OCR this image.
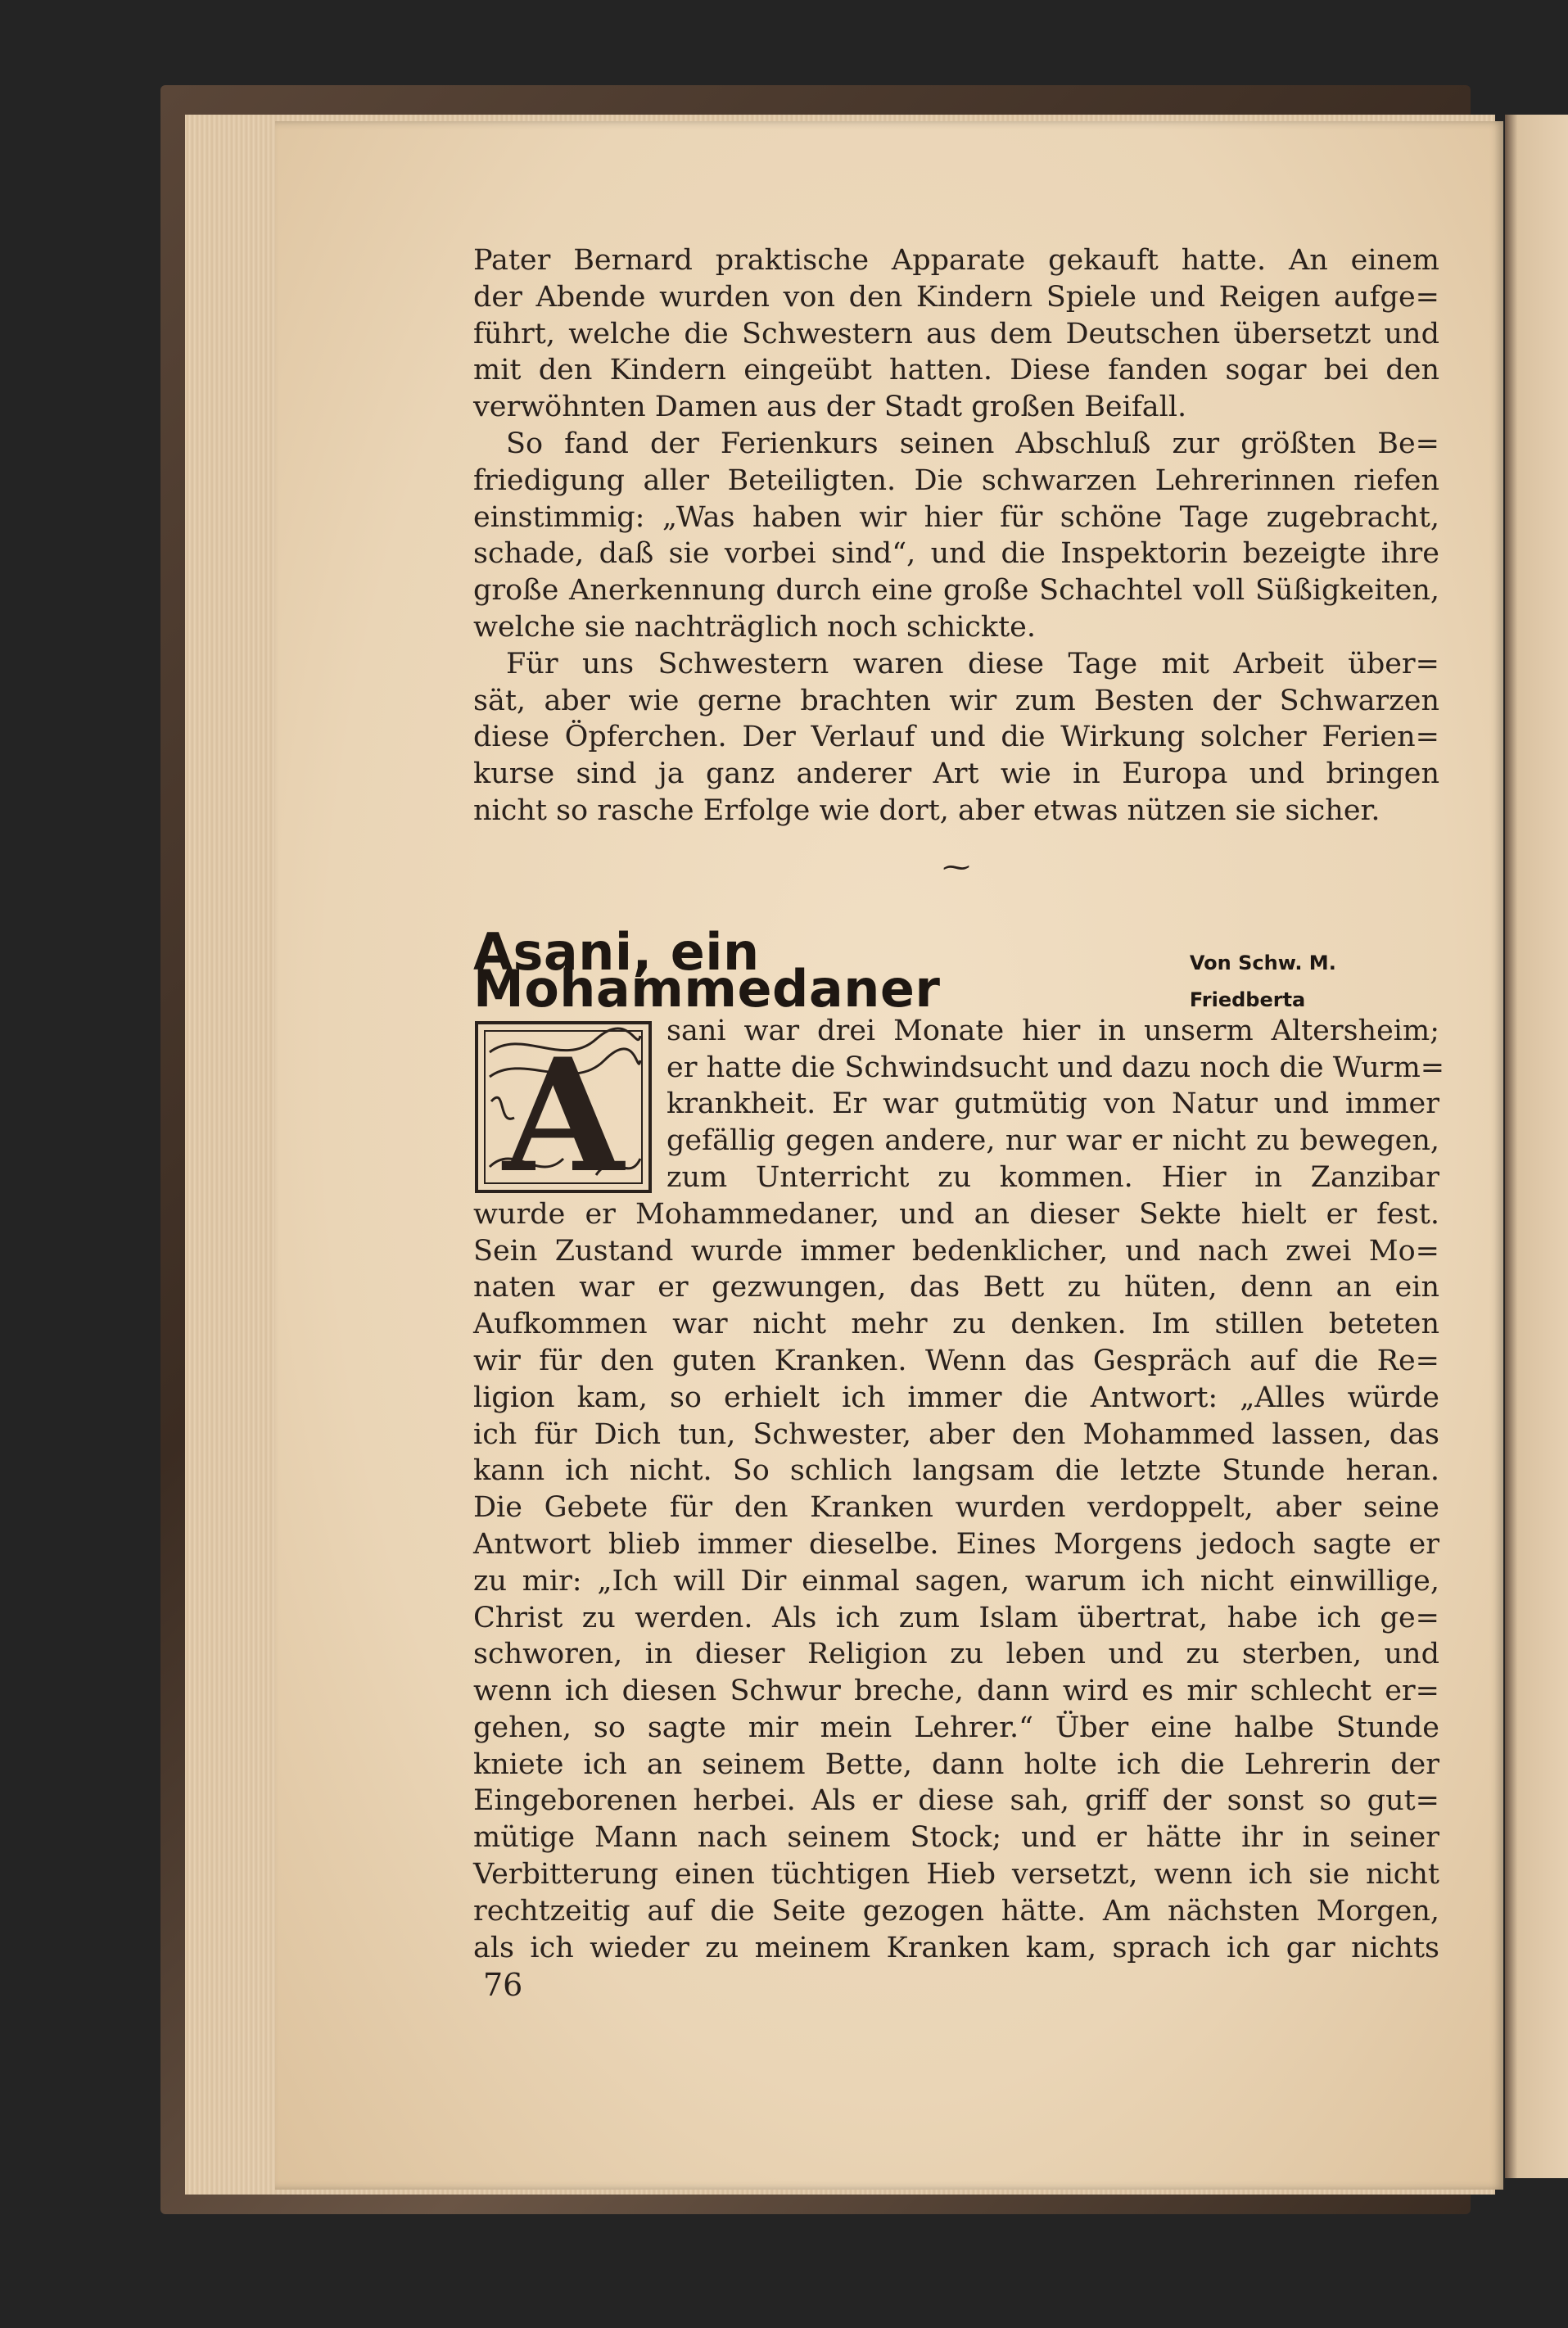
Pater Bernard praktische Apparate gekauft hatte. An einem
der Abende wurden von den Kindern Spiele und Reigen aufge=
führt, welche die Schwestern aus dem Deutschen übersetzt und
mit den Kindern eingeübt hatten. Diese fanden sogar bei den
verwöhnten Damen aus der Stadt großen Beifall.
So fand der Ferienkurs seinen Abschluß zur größten Be=
friedigung aller Beteiligten. Die schwarzen Lehrerinnen riefen
einstimmig: „Was haben wir hier für schöne Tage zugebracht,
schade, daß sie vorbei sind“, und die Inspektorin bezeigte ihre
große Anerkennung durch eine große Schachtel voll Süßigkeiten,
welche sie nachträglich noch schickte.
Für uns Schwestern waren diese Tage mit Arbeit über=
sät, aber wie gerne brachten wir zum Besten der Schwarzen
diese Öpferchen. Der Verlauf und die Wirkung solcher Ferien=
kurse sind ja ganz anderer Art wie in Europa und bringen
nicht so rasche Erfolge wie dort, aber etwas nützen sie sicher.
⁓
Asani, ein Mohammedaner	Von Schw. M. Friedberta
A	sani war drei Monate hier in unserm Altersheim;
er hatte die Schwindsucht und dazu noch die Wurm=
krankheit. Er war gutmütig von Natur und immer
gefällig gegen andere, nur war er nicht zu bewegen,
zum Unterricht zu kommen. Hier in Zanzibar
wurde er Mohammedaner, und an dieser Sekte hielt er fest.
Sein Zustand wurde immer bedenklicher, und nach zwei Mo=
naten war er gezwungen, das Bett zu hüten, denn an ein
Aufkommen war nicht mehr zu denken. Im stillen beteten
wir für den guten Kranken. Wenn das Gespräch auf die Re=
ligion kam, so erhielt ich immer die Antwort: „Alles würde
ich für Dich tun, Schwester, aber den Mohammed lassen, das
kann ich nicht. So schlich langsam die letzte Stunde heran.
Die Gebete für den Kranken wurden verdoppelt, aber seine
Antwort blieb immer dieselbe. Eines Morgens jedoch sagte er
zu mir: „Ich will Dir einmal sagen, warum ich nicht einwillige,
Christ zu werden. Als ich zum Islam übertrat, habe ich ge=
schworen, in dieser Religion zu leben und zu sterben, und
wenn ich diesen Schwur breche, dann wird es mir schlecht er=
gehen, so sagte mir mein Lehrer.“ Über eine halbe Stunde
kniete ich an seinem Bette, dann holte ich die Lehrerin der
Eingeborenen herbei. Als er diese sah, griff der sonst so gut=
mütige Mann nach seinem Stock; und er hätte ihr in seiner
Verbitterung einen tüchtigen Hieb versetzt, wenn ich sie nicht
rechtzeitig auf die Seite gezogen hätte. Am nächsten Morgen,
als ich wieder zu meinem Kranken kam, sprach ich gar nichts
76
